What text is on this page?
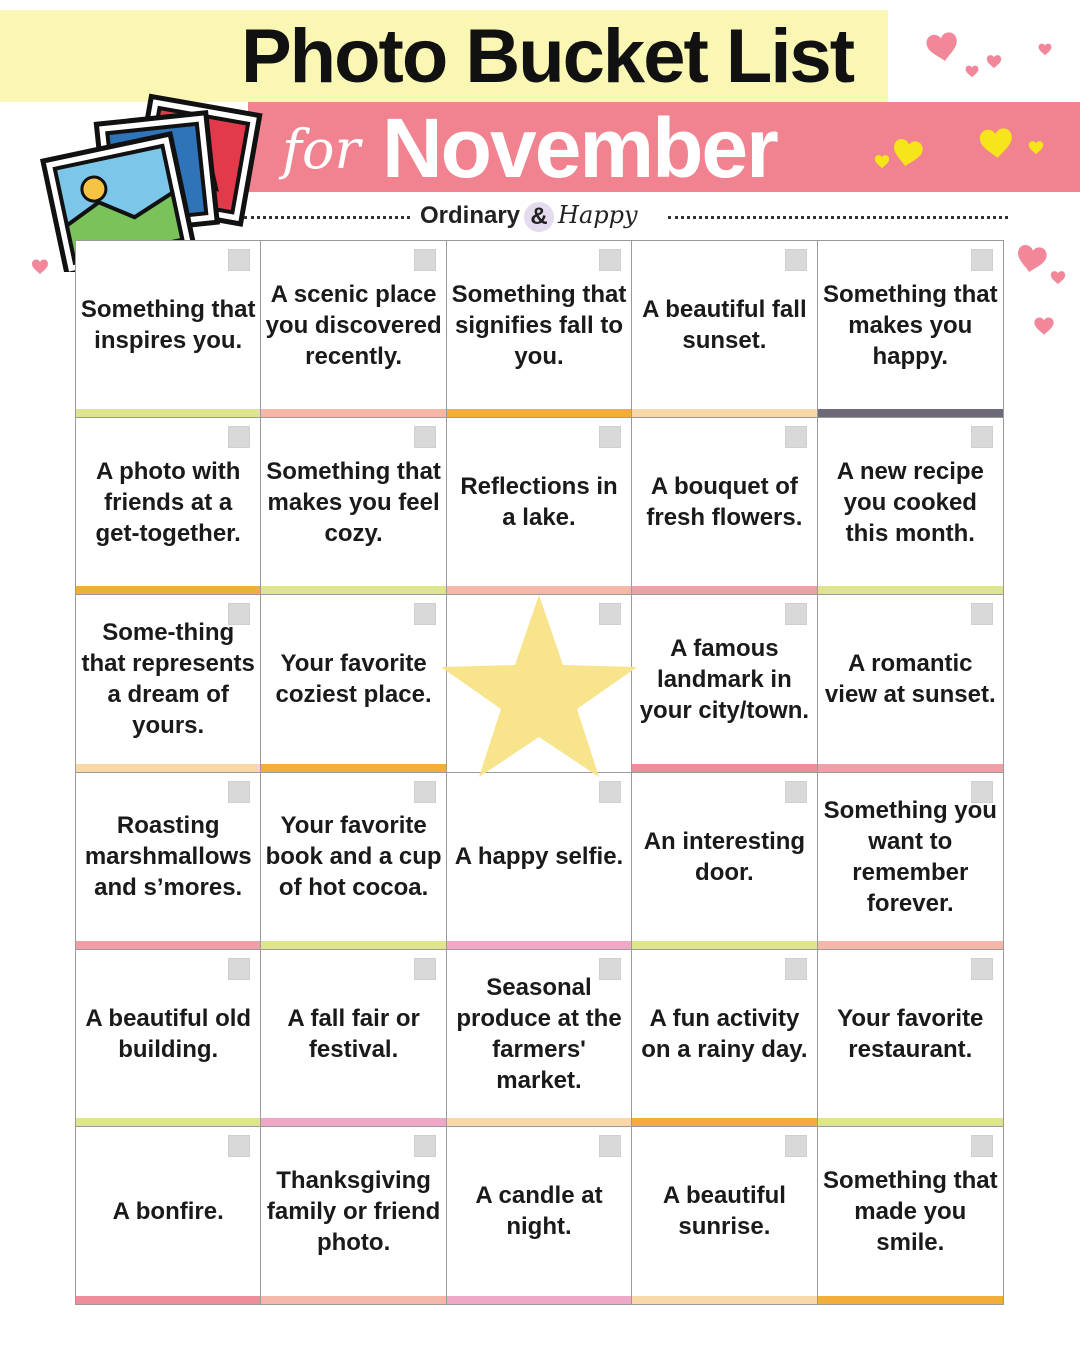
Photo Bucket List
for November
Ordinary & Happy
Something that inspires you.
A scenic place you discovered recently.
Something that signifies fall to you.
A beautiful fall sunset.
Something that makes you happy.
A photo with friends at a get-together.
Something that makes you feel cozy.
Reflections in a lake.
A bouquet of fresh flowers.
A new recipe you cooked this month.
Some-thing that represents a dream of yours.
Your favorite coziest place.
A famous landmark in your city/town.
A romantic view at sunset.
Roasting marshmallows and s’mores.
Your favorite book and a cup of hot cocoa.
A happy selfie.
An interesting door.
Something you want to remember forever.
A beautiful old building.
A fall fair or festival.
Seasonal produce at the farmers' market.
A fun activity on a rainy day.
Your favorite restaurant.
A bonfire.
Thanksgiving family or friend photo.
A candle at night.
A beautiful sunrise.
Something that made you smile.
